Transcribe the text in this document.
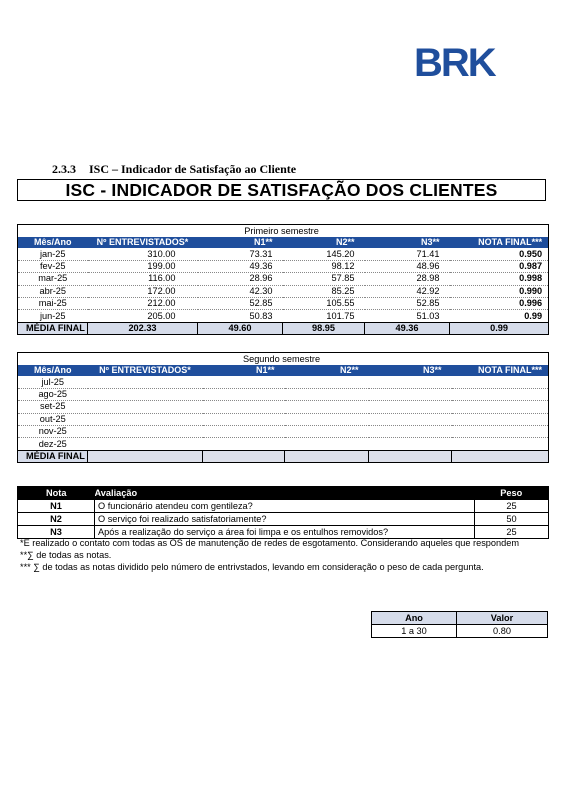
BRK
2.3.3 ISC – Indicador de Satisfação ao Cliente
ISC - INDICADOR DE SATISFAÇÃO DOS CLIENTES
Primeiro semestre					
Mês/Ano	Nº ENTREVISTADOS*	N1**	N2**	N3**	NOTA FINAL***
jan-25	310.00	73.31	145.20	71.41	0.950
fev-25	199.00	49.36	98.12	48.96	0.987
mar-25	116.00	28.96	57.85	28.98	0.998
abr-25	172.00	42.30	85.25	42.92	0.990
mai-25	212.00	52.85	105.55	52.85	0.996
jun-25	205.00	50.83	101.75	51.03	0.99
MÉDIA FINAL	202.33	49.60	98.95	49.36	0.99
Segundo semestre					
Mês/Ano	Nº ENTREVISTADOS*	N1**	N2**	N3**	NOTA FINAL***
jul-25					
ago-25					
set-25					
out-25					
nov-25					
dez-25					
MÉDIA FINAL					
Nota	Avaliação	Peso
N1	O funcionário atendeu com gentileza?	25
N2	O serviço foi realizado satisfatoriamente?	50
N3	Após a realização do serviço a área foi limpa e os entulhos removidos?	25
*É realizado o contato com todas as OS de manutenção de redes de esgotamento. Considerando aqueles que respondem
**∑ de todas as notas.
*** ∑ de todas as notas dividido pelo número de entrivstados, levando em consideração o peso de cada pergunta.
Ano	Valor
1 a 30	0.80
